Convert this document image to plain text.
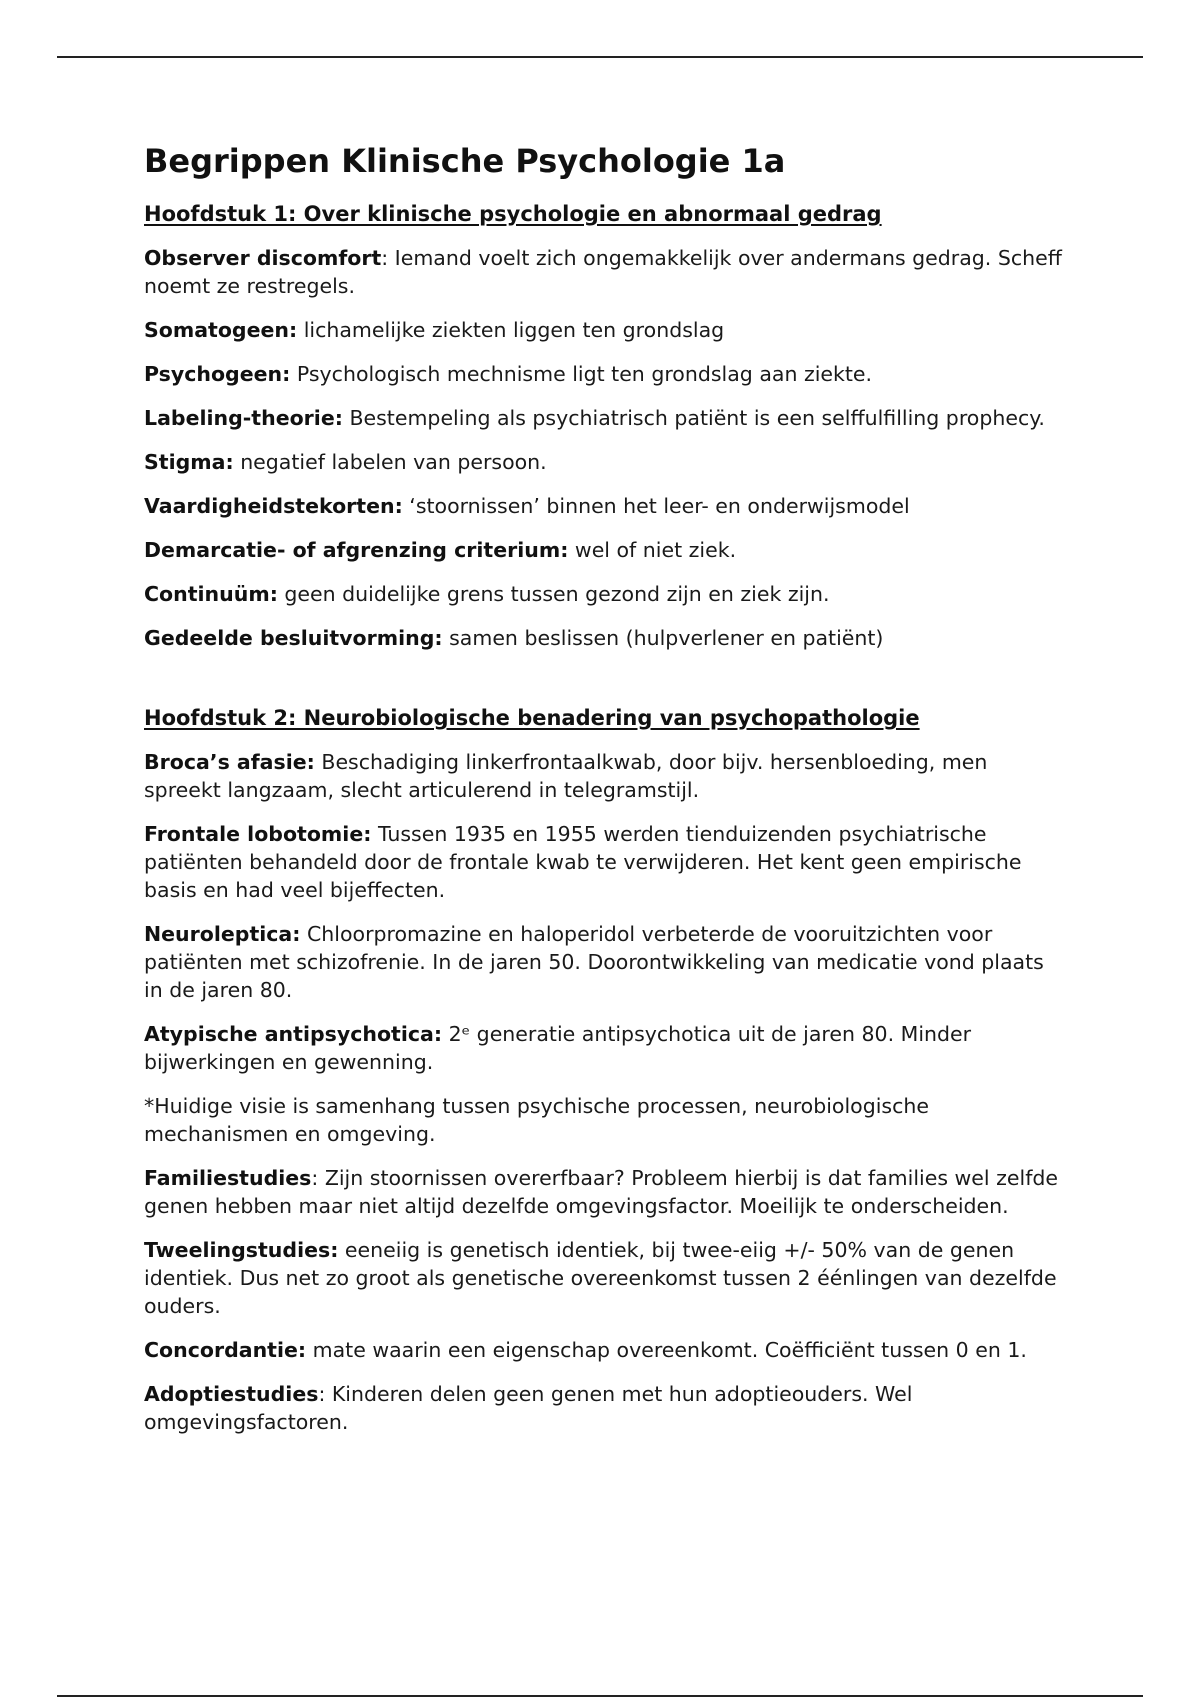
Begrippen Klinische Psychologie 1a
Hoofdstuk 1: Over klinische psychologie en abnormaal gedrag

Observer discomfort: Iemand voelt zich ongemakkelijk over andermans gedrag. Scheff noemt ze restregels.

Somatogeen: lichamelijke ziekten liggen ten grondslag

Psychogeen: Psychologisch mechnisme ligt ten grondslag aan ziekte.

Labeling-theorie: Bestempeling als psychiatrisch patiënt is een selffulfilling prophecy.

Stigma: negatief labelen van persoon.

Vaardigheidstekorten: ‘stoornissen’ binnen het leer- en onderwijsmodel

Demarcatie- of afgrenzing criterium: wel of niet ziek.

Continuüm: geen duidelijke grens tussen gezond zijn en ziek zijn.

Gedeelde besluitvorming: samen beslissen (hulpverlener en patiënt)

Hoofdstuk 2: Neurobiologische benadering van psychopathologie

Broca’s afasie: Beschadiging linkerfrontaalkwab, door bijv. hersenbloeding, men spreekt langzaam, slecht articulerend in telegramstijl.

Frontale lobotomie: Tussen 1935 en 1955 werden tienduizenden psychiatrische patiënten behandeld door de frontale kwab te verwijderen. Het kent geen empirische basis en had veel bijeffecten.

Neuroleptica: Chloorpromazine en haloperidol verbeterde de vooruitzichten voor patiënten met schizofrenie. In de jaren 50. Doorontwikkeling van medicatie vond plaats in de jaren 80.

Atypische antipsychotica: 2ᵉ generatie antipsychotica uit de jaren 80. Minder bijwerkingen en gewenning.

*Huidige visie is samenhang tussen psychische processen, neurobiologische mechanismen en omgeving.

Familiestudies: Zijn stoornissen overerfbaar? Probleem hierbij is dat families wel zelfde genen hebben maar niet altijd dezelfde omgevingsfactor. Moeilijk te onderscheiden.

Tweelingstudies: eeneiig is genetisch identiek, bij twee-eiig +/- 50% van de genen identiek. Dus net zo groot als genetische overeenkomst tussen 2 éénlingen van dezelfde ouders.

Concordantie: mate waarin een eigenschap overeenkomt. Coëfficiënt tussen 0 en 1.

Adoptiestudies: Kinderen delen geen genen met hun adoptieouders. Wel omgevingsfactoren.
